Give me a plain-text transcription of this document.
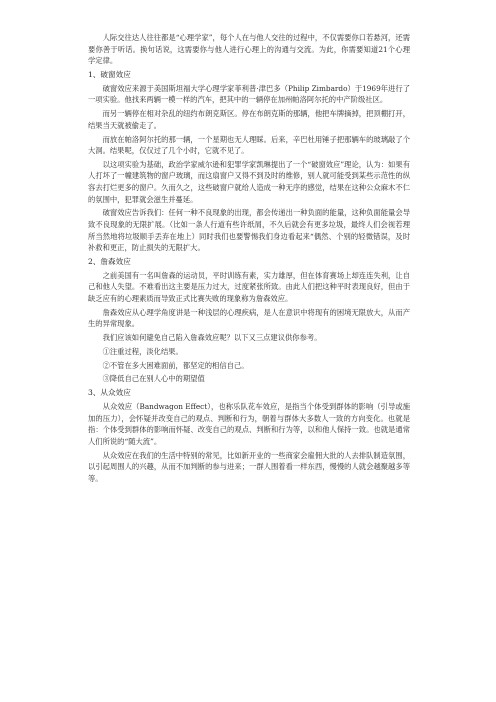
人际交往达人往往都是“心理学家”，每个人在与他人交往的过程中，不仅需要你口若悬河，还需要你善于听话。换句话说，这需要你与他人进行心理上的沟通与交流。为此，你需要知道21个心理学定律。

1、破窗效应

破窗效应来源于美国斯坦福大学心理学家菲利普·津巴多（Philip Zimbardo）于1969年进行了一项实验。他找来两辆一模一样的汽车，把其中的一辆停在加州帕洛阿尔托的中产阶级社区。

而另一辆停在相对杂乱的纽约布朗克斯区。停在布朗克斯的那辆，他把车牌摘掉，把顶棚打开，结果当天就被偷走了。

而放在帕洛阿尔托的那一辆，一个星期也无人理睬。后来，辛巴杜用锤子把那辆车的玻璃敲了个大洞。结果呢，仅仅过了几个小时，它就不见了。

以这项实验为基础，政治学家威尔逊和犯罪学家凯琳提出了一个“破窗效应”理论，认为：如果有人打坏了一幢建筑物的窗户玻璃，而这扇窗户又得不到及时的维修，别人就可能受到某些示范性的纵容去打烂更多的窗户。久而久之，这些破窗户就给人造成一种无序的感觉，结果在这种公众麻木不仁的氛围中，犯罪就会滋生并蔓延。

破窗效应告诉我们：任何一种不良现象的出现，都会传递出一种负面的能量，这种负面能量会导致不良现象的无限扩展。（比如一条人行道有些许纸屑，不久后就会有更多垃圾，最终人们会视若理所当然地将垃圾顺手丢弃在地上）同时我们也要警惕我们身边看起来“偶然、个别的轻微错误，及时补救和更正，防止损失的无限扩大。

2、詹森效应

之前美国有一名叫詹森的运动员，平时训练有素，实力雄厚，但在体育赛场上却连连失利，让自己和他人失望。不难看出这主要是压力过大，过度紧张所致。由此人们把这种平时表现良好，但由于缺乏应有的心理素质而导致正式比赛失败的现象称为詹森效应。

詹森效应从心理学角度讲是一种浅层的心理疾病，是人在意识中将现有的困境无限放大，从而产生的异常现象。

我们应该如何避免自己陷入詹森效应呢？以下又三点建议供你参考。

①注重过程，淡化结果。
②不管在多大困难面前，都坚定的相信自己。
③降低自己在别人心中的期望值
3、从众效应

从众效应（Bandwagon Effect），也称乐队花车效应，是指当个体受到群体的影响（引导或施加的压力），会怀疑并改变自己的观点、判断和行为，朝着与群体大多数人一致的方向变化。也就是指：个体受到群体的影响而怀疑、改变自己的观点、判断和行为等，以和他人保持一致。也就是通常人们所说的“随大流”。

从众效应在我们的生活中特别的常见，比如新开业的一些商家会雇佣大批的人去排队制造氛围，以引起周围人的兴趣，从而不加判断的参与进来；一群人围着看一样东西，慢慢的人就会越聚越多等等。
